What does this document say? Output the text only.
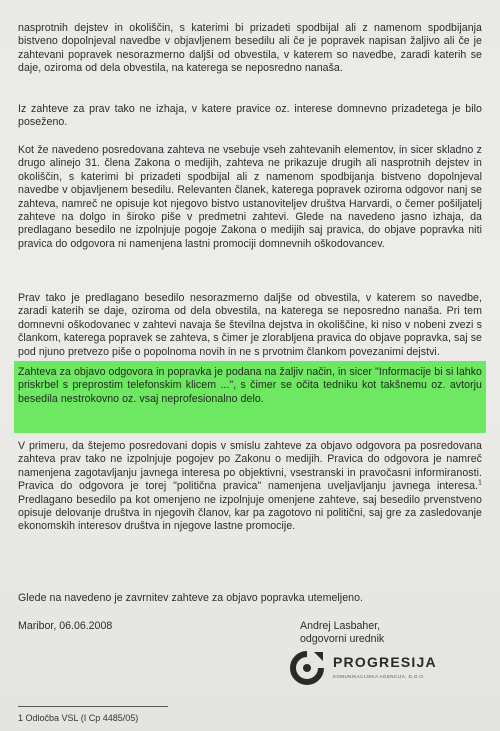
nasprotnih dejstev in okoliščin, s katerimi bi prizadeti spodbijal ali z namenom spodbijanja bistveno dopolnjeval navedbe v objavljenem besedilu ali če je popravek napisan žaljivo ali če je zahtevani popravek nesorazmerno daljši od obvestila, v katerem so navedbe, zaradi katerih se daje, oziroma od dela obvestila, na katerega se neposredno nanaša.

Iz zahteve za prav tako ne izhaja, v katere pravice oz. interese domnevno prizadetega je bilo poseženo.

Kot že navedeno posredovana zahteva ne vsebuje vseh zahtevanih elementov, in sicer skladno z drugo alinejo 31. člena Zakona o medijih, zahteva ne prikazuje drugih ali nasprotnih dejstev in okoliščin, s katerimi bi prizadeti spodbijal ali z namenom spodbijanja bistveno dopolnjeval navedbe v objavljenem besedilu. Relevanten članek, katerega popravek oziroma odgovor nanj se zahteva, namreč ne opisuje kot njegovo bistvo ustanoviteljev društva Harvardi, o čemer pošiljatelj zahteve na dolgo in široko piše v predmetni zahtevi. Glede na navedeno jasno izhaja, da predlagano besedilo ne izpolnjuje pogoje Zakona o medijih saj pravica, do objave popravka niti pravica do odgovora ni namenjena lastni promociji domnevnih oškodovancev.

Prav tako je predlagano besedilo nesorazmerno daljše od obvestila, v katerem so navedbe, zaradi katerih se daje, oziroma od dela obvestila, na katerega se neposredno nanaša. Pri tem domnevni oškodovanec v zahtevi navaja še številna dejstva in okoliščine, ki niso v nobeni zvezi s člankom, katerega popravek se zahteva, s čimer je zlorabljena pravica do objave popravka, saj se pod njuno pretvezo piše o popolnoma novih in ne s prvotnim člankom povezanimi dejstvi.

Zahteva za objavo odgovora in popravka je podana na žaljiv način, in sicer "Informacije bi si lahko priskrbel s preprostim telefonskim klicem ...", s čimer se očita tedniku kot takšnemu oz. avtorju besedila nestrokovno oz. vsaj neprofesionalno delo.

V primeru, da štejemo posredovani dopis v smislu zahteve za objavo odgovora pa posredovana zahteva prav tako ne izpolnjuje pogojev po Zakonu o medijih. Pravica do odgovora je namreč namenjena zagotavljanju javnega interesa po objektivni, vsestranski in pravočasni informiranosti. Pravica do odgovora je torej "politična pravica" namenjena uveljavljanju javnega interesa.$^1$ Predlagano besedilo pa kot omenjeno ne izpolnjuje omenjene zahteve, saj besedilo prvenstveno opisuje delovanje društva in njegovih članov, kar pa zagotovo ni politični, saj gre za zasledovanje ekonomskih interesov društva in njegove lastne promocije.

Glede na navedeno je zavrnitev zahteve za objavo popravka utemeljeno.

Maribor, 06.06.2008	Andrej Lasbaher,
odgovorni urednik
PROGRESIJA
KOMUNIKACIJSKA AGENCIJA, D.O.O.
1 Odločba VSL (I Cp 4485/05)
